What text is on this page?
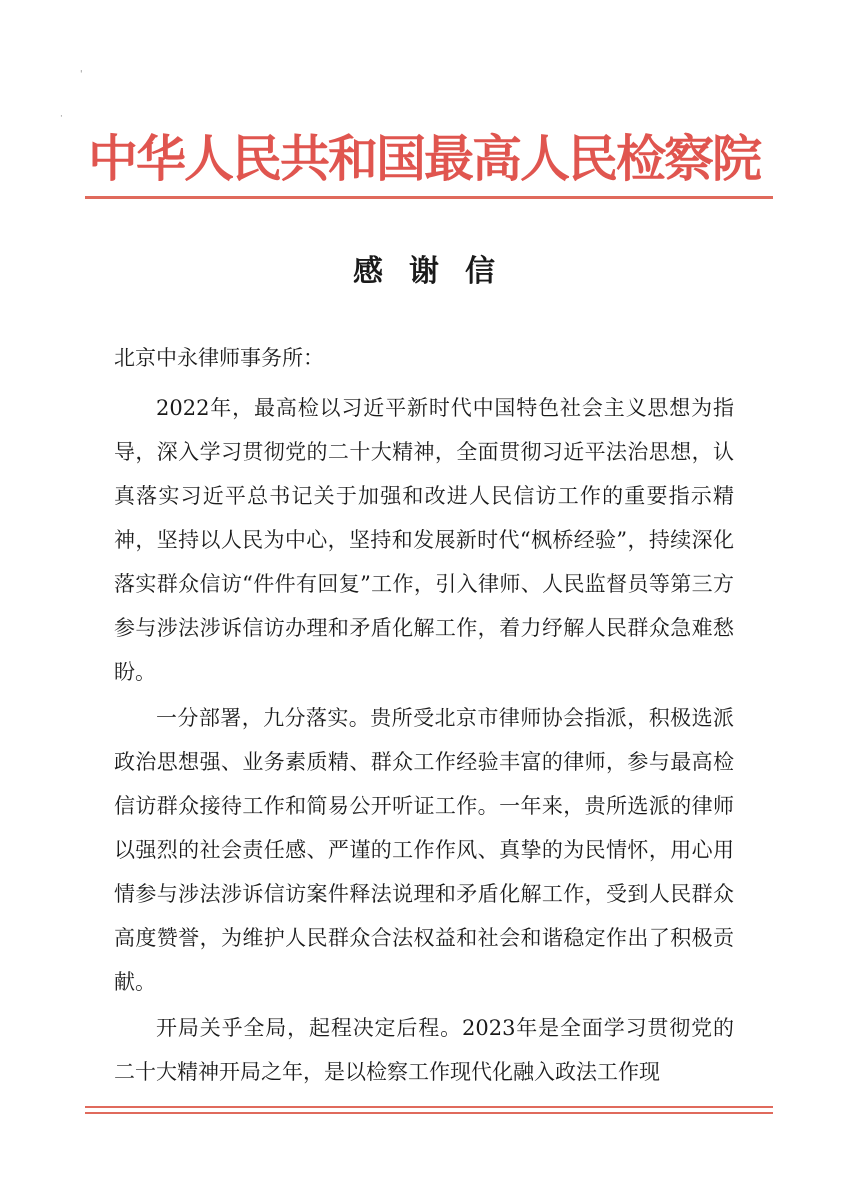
'
·
中华人民共和国最高人民检察院
感谢信

北京中永律师事务所：

2022年，最高检以习近平新时代中国特色社会主义思想为指导，深入学习贯彻党的二十大精神，全面贯彻习近平法治思想，认真落实习近平总书记关于加强和改进人民信访工作的重要指示精神，坚持以人民为中心，坚持和发展新时代“枫桥经验”，持续深化落实群众信访“件件有回复”工作，引入律师、人民监督员等第三方参与涉法涉诉信访办理和矛盾化解工作，着力纾解人民群众急难愁盼。

一分部署，九分落实。贵所受北京市律师协会指派，积极选派政治思想强、业务素质精、群众工作经验丰富的律师，参与最高检信访群众接待工作和简易公开听证工作。一年来，贵所选派的律师以强烈的社会责任感、严谨的工作作风、真挚的为民情怀，用心用情参与涉法涉诉信访案件释法说理和矛盾化解工作，受到人民群众高度赞誉，为维护人民群众合法权益和社会和谐稳定作出了积极贡献。

开局关乎全局，起程决定后程。2023年是全面学习贯彻党的二十大精神开局之年，是以检察工作现代化融入政法工作现
